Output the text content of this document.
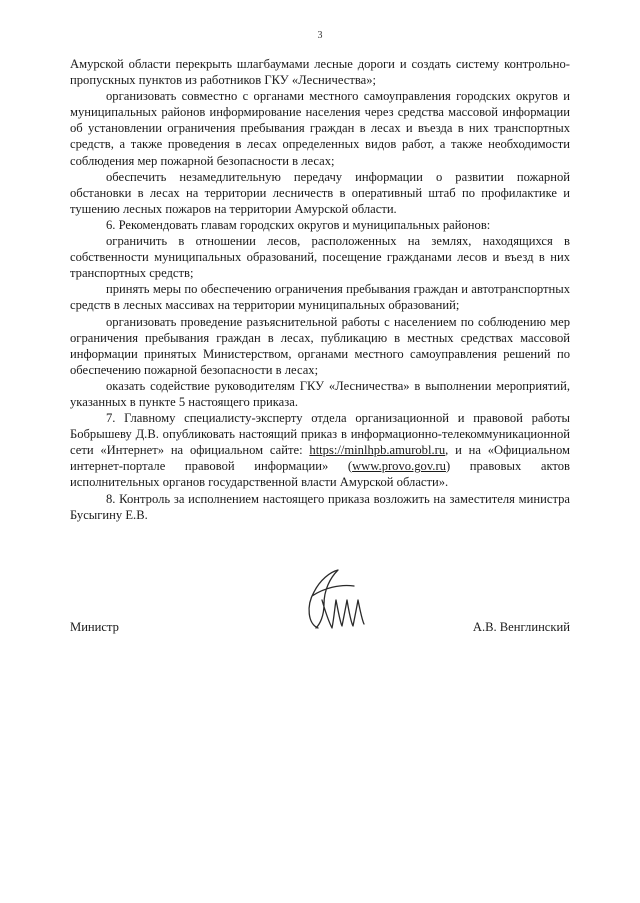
3

Амурской области перекрыть шлагбаумами лесные дороги и создать систему контрольно-пропускных пунктов из работников ГКУ «Лесничества»;

организовать совместно с органами местного самоуправления городских округов и муниципальных районов информирование населения через средства массовой информации об установлении ограничения пребывания граждан в лесах и въезда в них транспортных средств, а также проведения в лесах определенных видов работ, а также необходимости соблюдения мер пожарной безопасности в лесах;

обеспечить незамедлительную передачу информации о развитии пожарной обстановки в лесах на территории лесничеств в оперативный штаб по профилактике и тушению лесных пожаров на территории Амурской области.

6. Рекомендовать главам городских округов и муниципальных районов:

ограничить в отношении лесов, расположенных на землях, находящихся в собственности муниципальных образований, посещение гражданами лесов и въезд в них транспортных средств;

принять меры по обеспечению ограничения пребывания граждан и автотранспортных средств в лесных массивах на территории муниципальных образований;

организовать проведение разъяснительной работы с населением по соблюдению мер ограничения пребывания граждан в лесах, публикацию в местных средствах массовой информации принятых Министерством, органами местного самоуправления решений по обеспечению пожарной безопасности в лесах;

оказать содействие руководителям ГКУ «Лесничества» в выполнении мероприятий, указанных в пункте 5 настоящего приказа.

7. Главному специалисту-эксперту отдела организационной и правовой работы Бобрышеву Д.В. опубликовать настоящий приказ в информационно-телекоммуникационной сети «Интернет» на официальном сайте: https://minlhpb.amurobl.ru, и на «Официальном интернет-портале правовой информации» (www.provo.gov.ru) правовых актов исполнительных органов государственной власти Амурской области».

8. Контроль за исполнением настоящего приказа возложить на заместителя министра Бусыгину Е.В.

Министр	А.В. Венглинский
